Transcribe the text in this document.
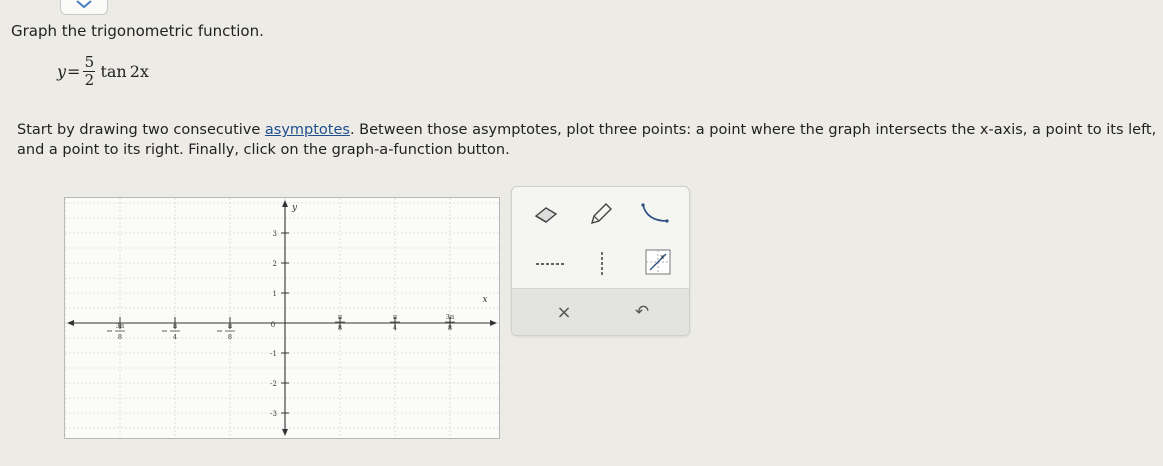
Graph the trigonometric function.
$y = \frac{5}{2}$ tan 2x
Start by drawing two consecutive asymptotes. Between those asymptotes, plot three points: a point where the graph intersects the x-axis, a point to its left, and a point to its right. Finally, click on the graph-a-function button.
y
x
0
3
2
1
-1
-2
-3
3π
8
π
4
π
8
π
8
π
4
3π
8
x
×	↶
